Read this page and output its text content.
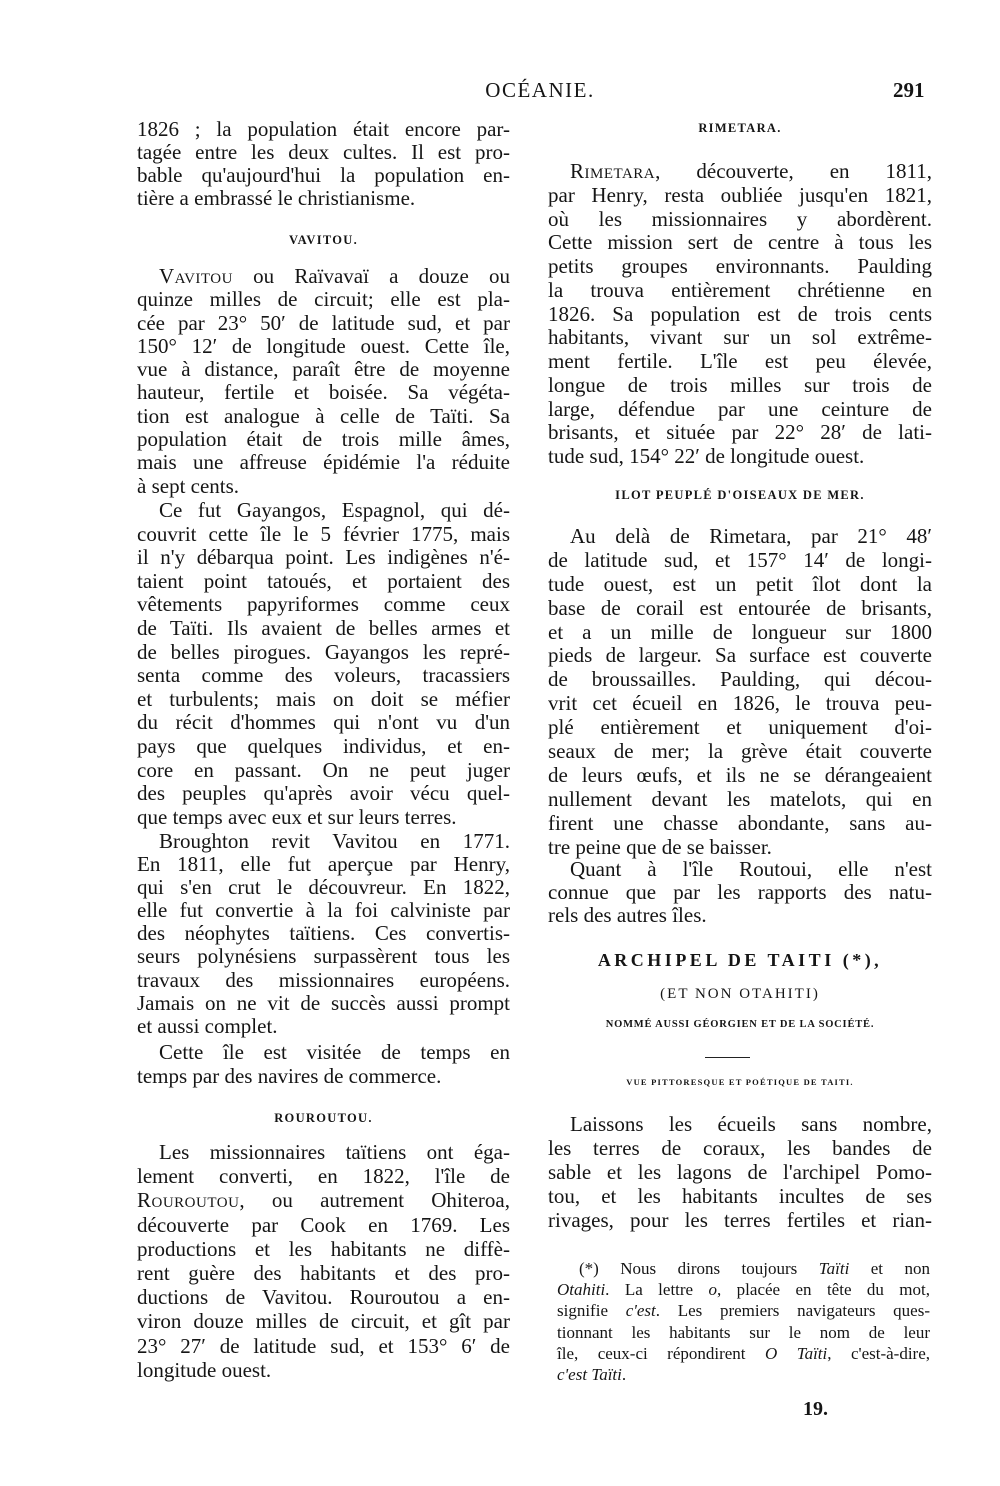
OCÉANIE.	291
1826 ; la population était encore par-
tagée entre les deux cultes. Il est pro-
bable qu'aujourd'hui la population en-
tière a embrassé le christianisme.
VAVITOU.
Vavitou ou Raïvavaï a douze ou
quinze milles de circuit; elle est pla-
cée par 23° 50′ de latitude sud, et par
150° 12′ de longitude ouest. Cette île,
vue à distance, paraît être de moyenne
hauteur, fertile et boisée. Sa végéta-
tion est analogue à celle de Taïti. Sa
population était de trois mille âmes,
mais une affreuse épidémie l'a réduite
à sept cents.
Ce fut Gayangos, Espagnol, qui dé-
couvrit cette île le 5 février 1775, mais
il n'y débarqua point. Les indigènes n'é-
taient point tatoués, et portaient des
vêtements papyriformes comme ceux
de Taïti. Ils avaient de belles armes et
de belles pirogues. Gayangos les repré-
senta comme des voleurs, tracassiers
et turbulents; mais on doit se méfier
du récit d'hommes qui n'ont vu d'un
pays que quelques individus, et en-
core en passant. On ne peut juger
des peuples qu'après avoir vécu quel-
que temps avec eux et sur leurs terres.
Broughton revit Vavitou en 1771.
En 1811, elle fut aperçue par Henry,
qui s'en crut le découvreur. En 1822,
elle fut convertie à la foi calviniste par
des néophytes taïtiens. Ces convertis-
seurs polynésiens surpassèrent tous les
travaux des missionnaires européens.
Jamais on ne vit de succès aussi prompt
et aussi complet.
Cette île est visitée de temps en
temps par des navires de commerce.
ROUROUTOU.
Les missionnaires taïtiens ont éga-
lement converti, en 1822, l'île de
Rouroutou, ou autrement Ohiteroa,
découverte par Cook en 1769. Les
productions et les habitants ne diffè-
rent guère des habitants et des pro-
ductions de Vavitou. Rouroutou a en-
viron douze milles de circuit, et gît par
23° 27′ de latitude sud, et 153° 6′ de
longitude ouest.
RIMETARA.
Rimetara, découverte, en 1811,
par Henry, resta oubliée jusqu'en 1821,
où les missionnaires y abordèrent.
Cette mission sert de centre à tous les
petits groupes environnants. Paulding
la trouva entièrement chrétienne en
1826. Sa population est de trois cents
habitants, vivant sur un sol extrême-
ment fertile. L'île est peu élevée,
longue de trois milles sur trois de
large, défendue par une ceinture de
brisants, et située par 22° 28′ de lati-
tude sud, 154° 22′ de longitude ouest.
ILOT PEUPLÉ D'OISEAUX DE MER.
Au delà de Rimetara, par 21° 48′
de latitude sud, et 157° 14′ de longi-
tude ouest, est un petit îlot dont la
base de corail est entourée de brisants,
et a un mille de longueur sur 1800
pieds de largeur. Sa surface est couverte
de broussailles. Paulding, qui décou-
vrit cet écueil en 1826, le trouva peu-
plé entièrement et uniquement d'oi-
seaux de mer; la grève était couverte
de leurs œufs, et ils ne se dérangeaient
nullement devant les matelots, qui en
firent une chasse abondante, sans au-
tre peine que de se baisser.
Quant à l'île Routoui, elle n'est
connue que par les rapports des natu-
rels des autres îles.
Laissons les écueils sans nombre,
les terres de coraux, les bandes de
sable et les lagons de l'archipel Pomo-
tou, et les habitants incultes de ses
rivages, pour les terres fertiles et rian-
ARCHIPEL DE TAITI (*),
(ET NON OTAHITI)
NOMMÉ AUSSI GÉORGIEN ET DE LA SOCIÉTÉ.
VUE PITTORESQUE ET POÉTIQUE DE TAITI.
(*) Nous dirons toujours Taïti et non
Otahiti. La lettre o, placée en tête du mot,
signifie c'est. Les premiers navigateurs ques-
tionnant les habitants sur le nom de leur
île, ceux-ci répondirent O Taïti, c'est-à-dire,
c'est Taïti.
19.
